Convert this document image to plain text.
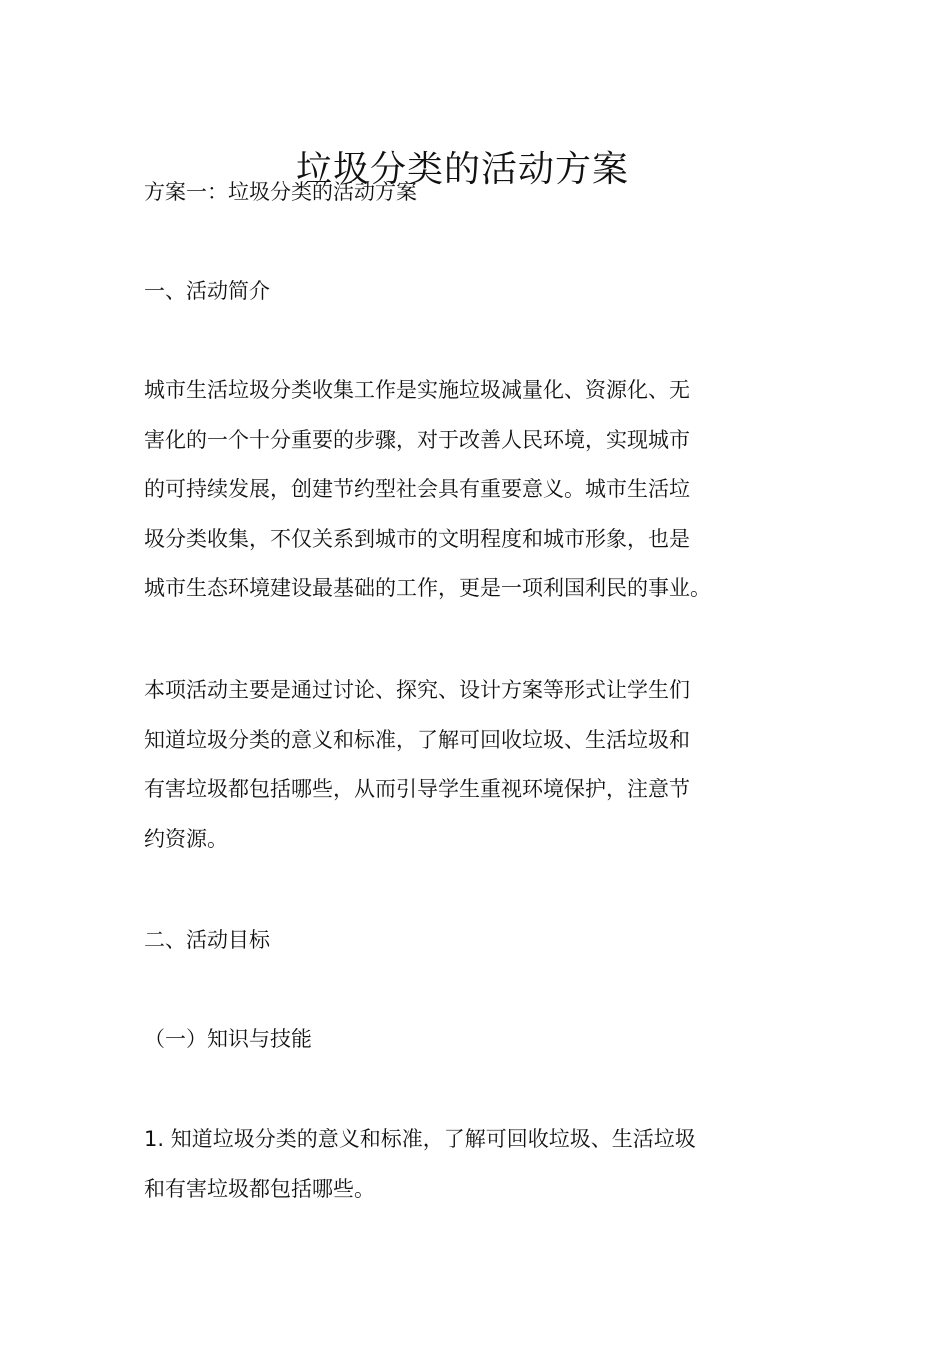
垃圾分类的活动方案
方案一：垃圾分类的活动方案
一、活动简介

城市生活垃圾分类收集工作是实施垃圾减量化、资源化、无
害化的一个十分重要的步骤，对于改善人民环境，实现城市
的可持续发展，创建节约型社会具有重要意义。城市生活垃
圾分类收集，不仅关系到城市的文明程度和城市形象，也是
城市生态环境建设最基础的工作，更是一项利国利民的事业。

本项活动主要是通过讨论、探究、设计方案等形式让学生们
知道垃圾分类的意义和标准，了解可回收垃圾、生活垃圾和
有害垃圾都包括哪些，从而引导学生重视环境保护，注意节
约资源。

二、活动目标
（一）知识与技能

1. 知道垃圾分类的意义和标准，了解可回收垃圾、生活垃圾
和有害垃圾都包括哪些。
